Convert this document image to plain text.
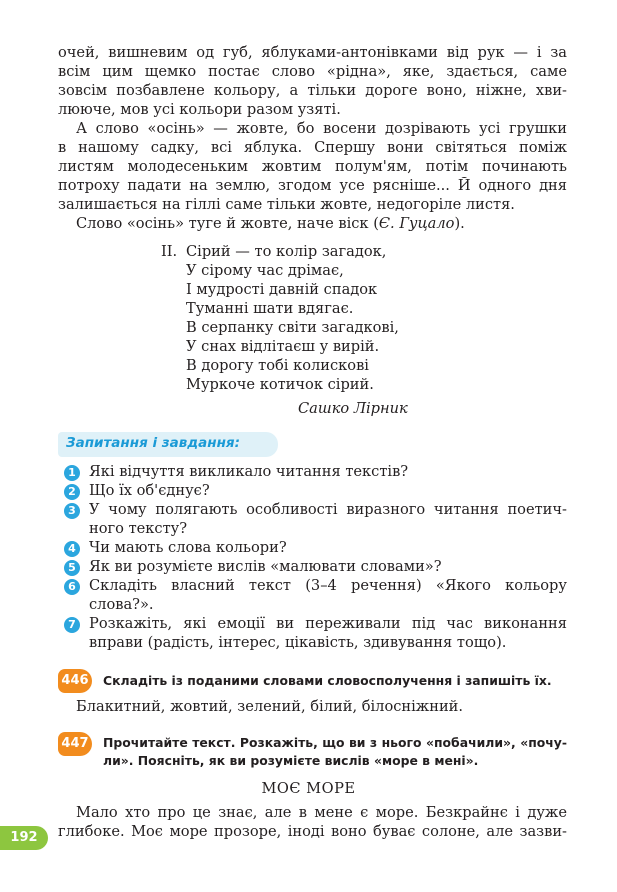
очей, вишневим од губ, яблуками-антонівками від рук — і за
всім цим щемко постає слово «рідна», яке, здається, саме
зовсім позбавлене кольору, а тільки дороге воно, ніжне, хви-
лююче, мов усі кольори разом узяті.
А слово «осінь» — жовте, бо восени дозрівають усі грушки
в нашому садку, всі яблука. Спершу вони світяться поміж
листям молодесеньким жовтим полум'ям, потім починають
потроху падати на землю, згодом усе рясніше... Й одного дня
залишається на гіллі саме тільки жовте, недогоріле листя.
Слово «осінь» туге й жовте, наче віск (Є. Гуцало).
II. Сірий — то колір загадок,
У сірому час дрімає,
І мудрості давній спадок
Туманні шати вдягає.
В серпанку світи загадкові,
У снах відлітаєш у вирій.
В дорогу тобі колискові
Муркоче котичок сірий.
Сашко Лірник
Запитання і завдання:
1 Які відчуття викликало читання текстів?
2 Що їх об'єднує?
3 У чому полягають особливості виразного читання поетич-
ного тексту?
4 Чи мають слова кольори?
5 Як ви розумієте вислів «малювати словами»?
6 Складіть власний текст (3–4 речення) «Якого кольору
слова?».
7 Розкажіть, які емоції ви переживали під час виконання
вправи (радість, інтерес, цікавість, здивування тощо).
446 Складіть із поданими словами словосполучення і запишіть їх.
Блакитний, жовтий, зелений, білий, білосніжний.
447 Прочитайте текст. Розкажіть, що ви з нього «побачили», «почу-
ли». Поясніть, як ви розумієте вислів «море в мені».
МОЄ МОРЕ
Мало хто про це знає, але в мене є море. Безкрайнє і дуже
глибоке. Моє море прозоре, іноді воно буває солоне, але зазви-
192
